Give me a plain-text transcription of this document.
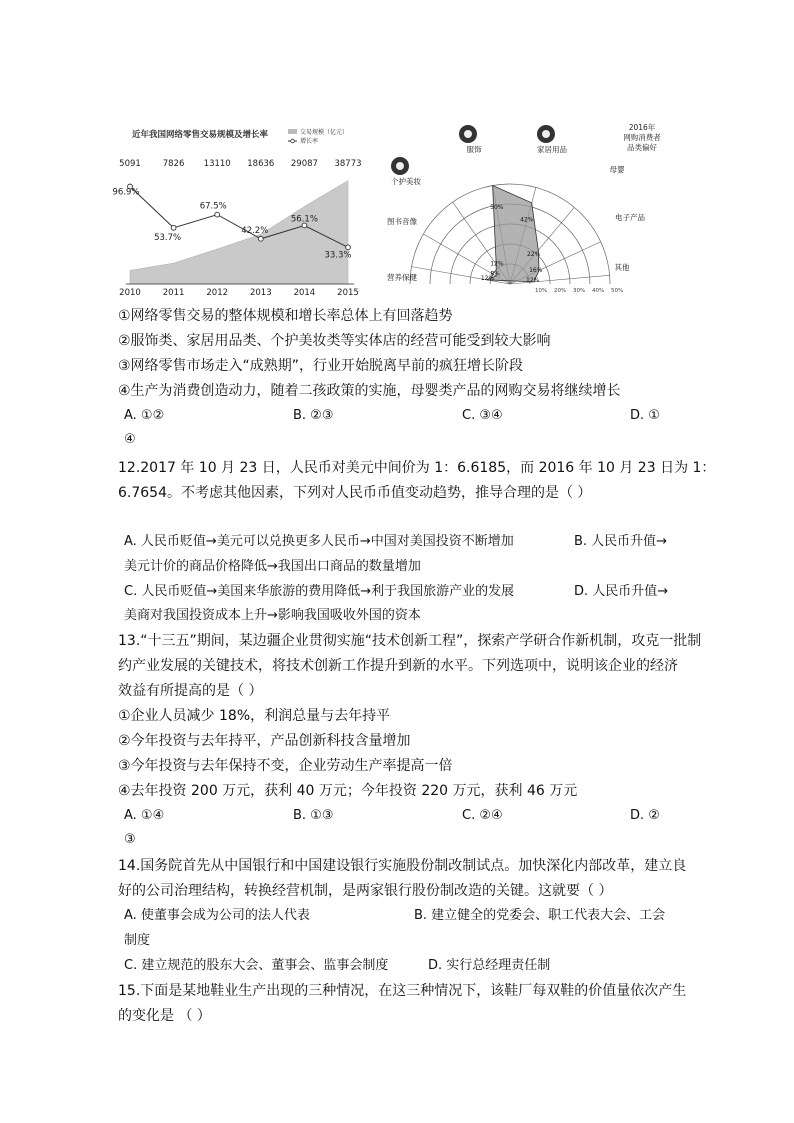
近年我国网络零售交易规模及增长率	交易规模（亿元）
增长率
5091	7826 13110 18636 29087 38773
2010	2011	2012	2013	2014	2015
96.9%
53.7%
67.5%
42.2%
56.1%
33.3%
10% 20% 30% 40% 50%
12%
8%
12%
50%
42%
22%
16%
12%
服饰	家居用品
母婴
电子产品
其他
营养保健
图书音像
个护美妆
2016年
网购消费者
品类偏好
①网络零售交易的整体规模和增长率总体上有回落趋势
②服饰类、家居用品类、个护美妆类等实体店的经营可能受到较大影响
③网络零售市场走入“成熟期”，行业开始脱离早前的疯狂增长阶段
④生产为消费创造动力，随着二孩政策的实施，母婴类产品的网购交易将继续增长
A. ①②	B. ②③	C. ③④	D. ①
④
12.2017 年 10 月 23 日，人民币对美元中间价为 1：6.6185，而 2016 年 10 月 23 日为 1：
6.7654。不考虑其他因素，下列对人民币币值变动趋势，推导合理的是（ ）
A. 人民币贬值→美元可以兑换更多人民币→中国对美国投资不断增加	B. 人民币升值→
美元计价的商品价格降低→我国出口商品的数量增加
C. 人民币贬值→美国来华旅游的费用降低→利于我国旅游产业的发展	D. 人民币升值→
美商对我国投资成本上升→影响我国吸收外国的资本
13.“十三五”期间，某边疆企业贯彻实施“技术创新工程”，探索产学研合作新机制，攻克一批制
约产业发展的关键技术，将技术创新工作提升到新的水平。下列选项中，说明该企业的经济
效益有所提高的是（ ）
①企业人员减少 18%，利润总量与去年持平
②今年投资与去年持平，产品创新科技含量增加
③今年投资与去年保持不变，企业劳动生产率提高一倍
④去年投资 200 万元，获利 40 万元；今年投资 220 万元，获利 46 万元
A. ①④	B. ①③	C. ②④	D. ②
③
14.国务院首先从中国银行和中国建设银行实施股份制改制试点。加快深化内部改革，建立良
好的公司治理结构，转换经营机制，是两家银行股份制改造的关键。这就要（ ）
A. 使董事会成为公司的法人代表	B. 建立健全的党委会、职工代表大会、工会
制度
C. 建立规范的股东大会、董事会、监事会制度	D. 实行总经理责任制
15.下面是某地鞋业生产出现的三种情况，在这三种情况下，该鞋厂每双鞋的价值量依次产生
的变化是 （ ）
